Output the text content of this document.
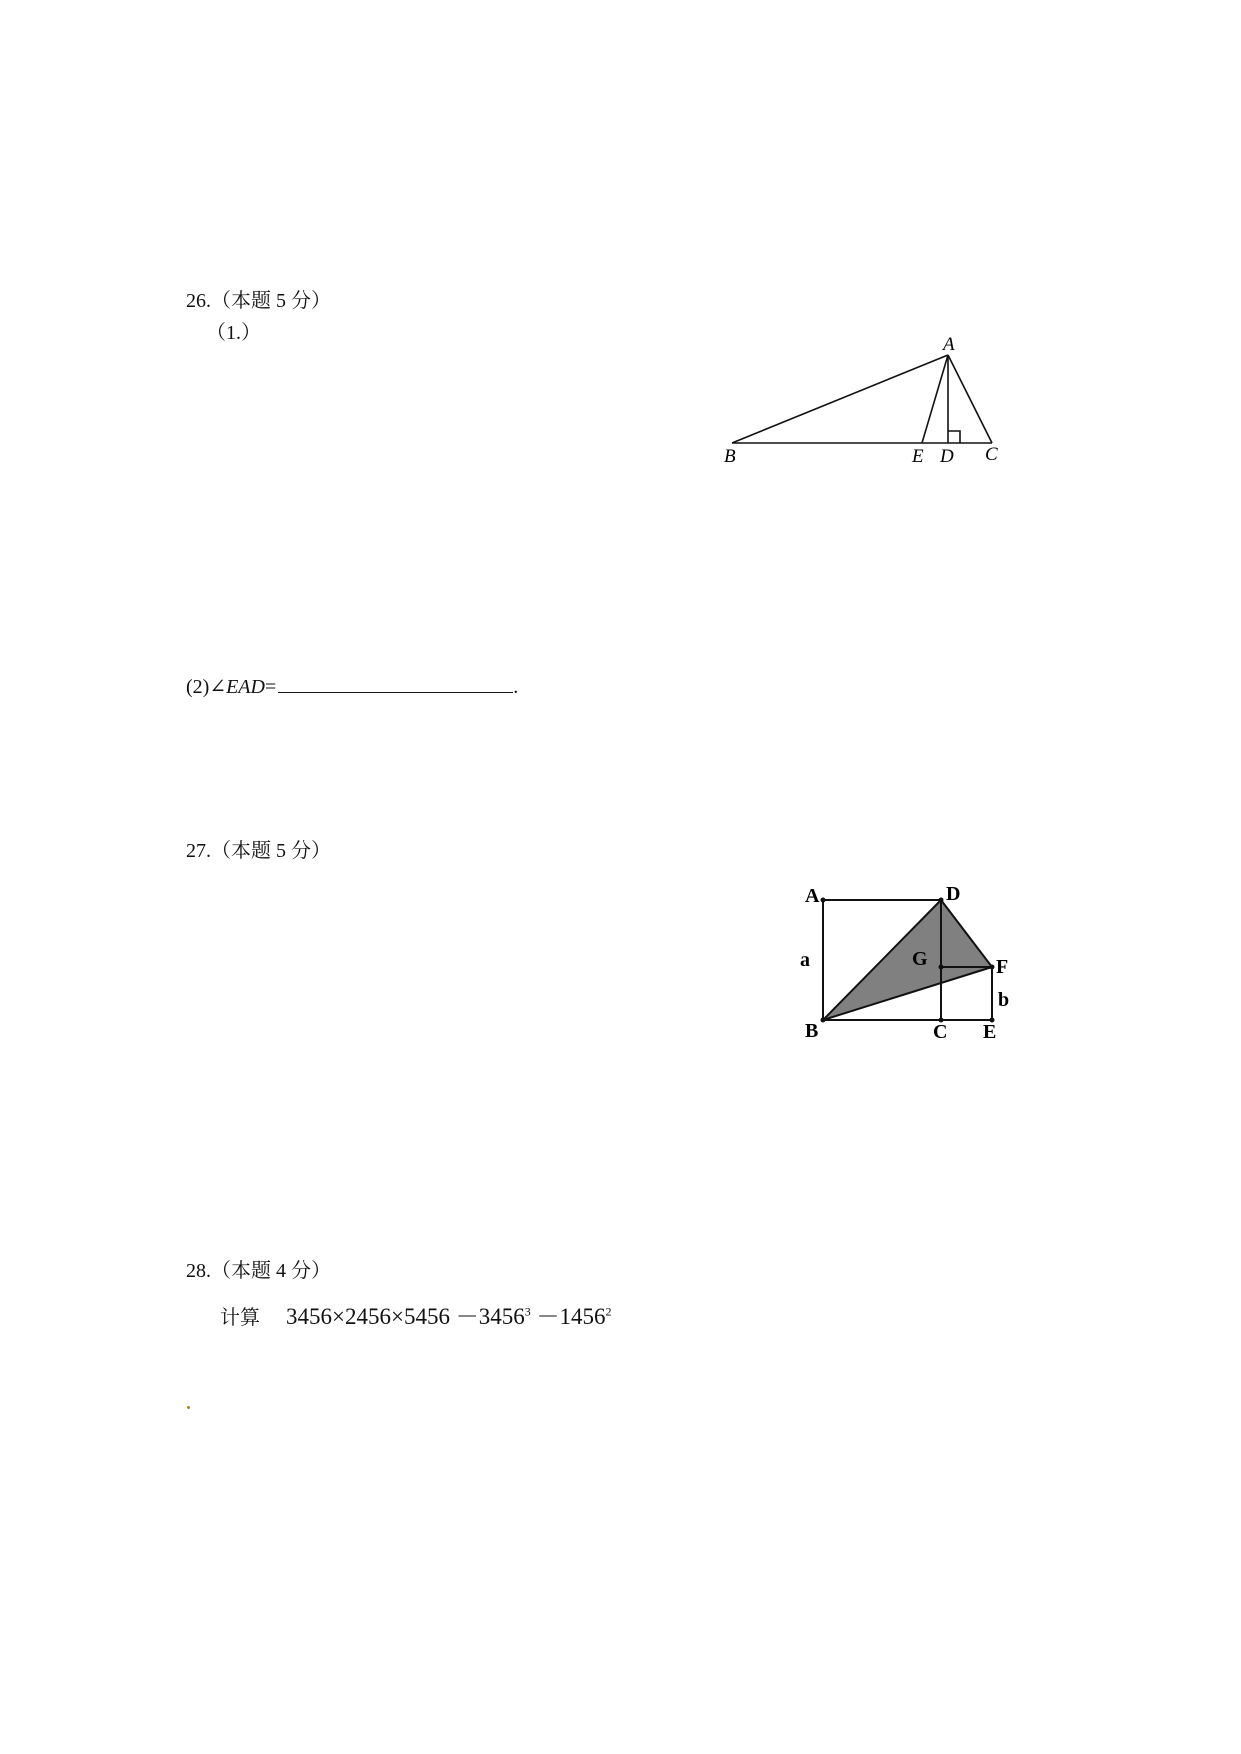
26.（本题 5 分）
（1.）
A
B	E D C
(2)∠EAD=	.
27.（本题 5 分）
A	D
G	F
a
b
B	C E
28.（本题 4 分）
计算 $3456\times 2456\times 5456 -3456^3 -1456^2$
